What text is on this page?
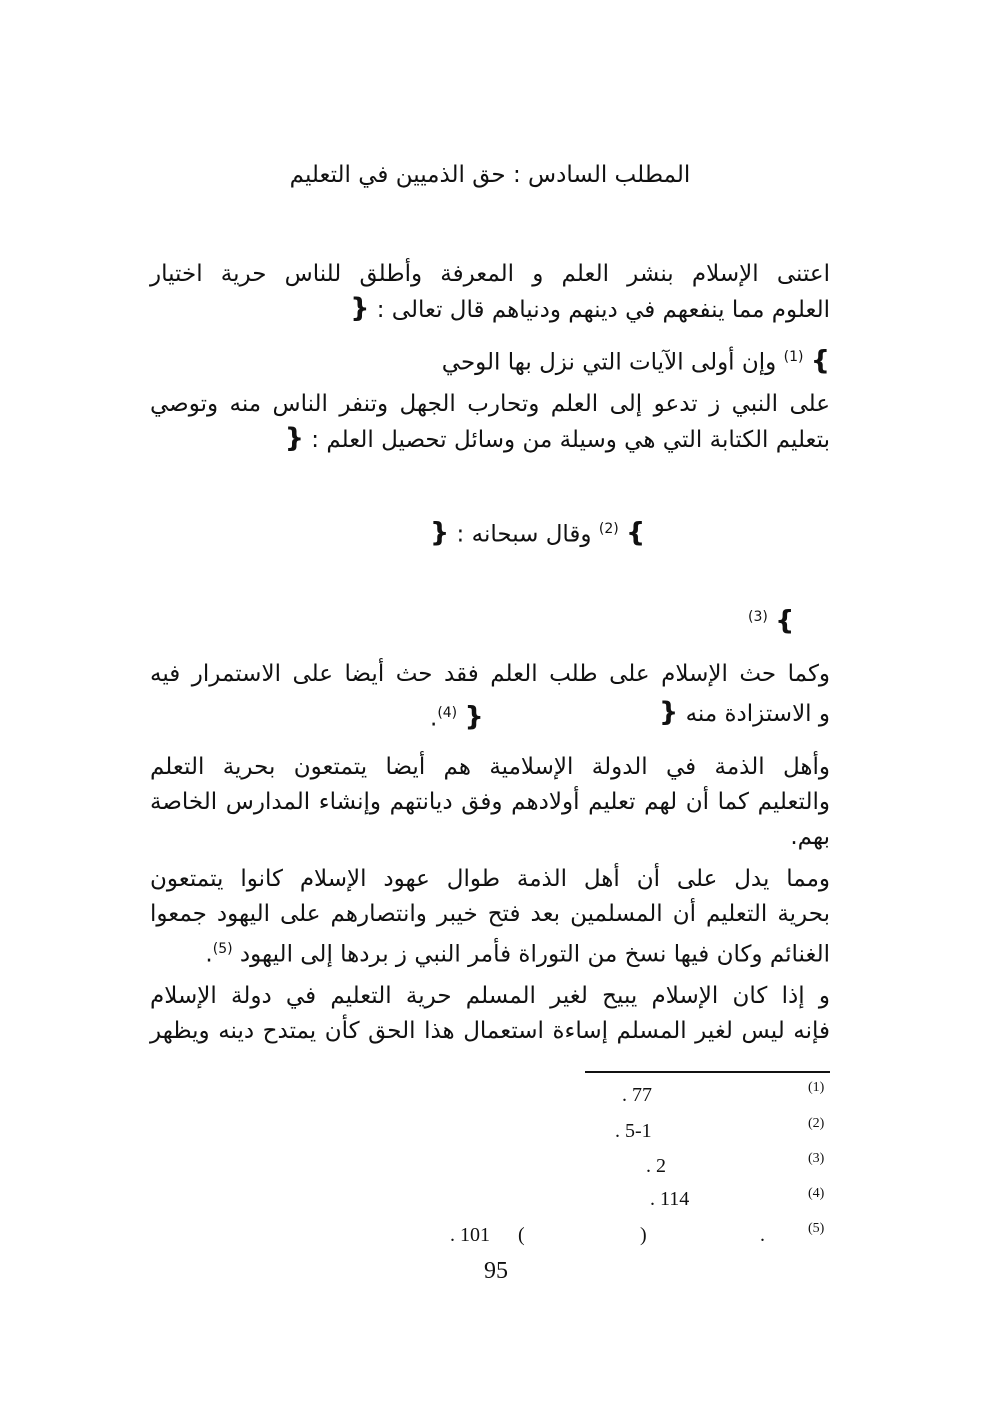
المطلب السادس : حق الذميين في التعليم
اعتنى الإسلام بنشر العلم و المعرفة وأطلق للناس حرية اختيار
العلوم مما ينفعهم في دينهم ودنياهم قال تعالى : {
} $^{(1)}$ وإن أولى الآيات التي نزل بها الوحي
على النبي ز تدعو إلى العلم وتحارب الجهل وتنفر الناس منه وتوصي
بتعليم الكتابة التي هي وسيلة من وسائل تحصيل العلم : {
} $^{(2)}$ وقال سبحانه : {
$^{(3)}$ {
وكما حث الإسلام على طلب العلم فقد حث أيضا على الاستمرار فيه
و الاستزادة منه {
.$^{(4)}$ }
وأهل الذمة في الدولة الإسلامية هم أيضا يتمتعون بحرية التعلم
والتعليم كما أن لهم تعليم أولادهم وفق ديانتهم وإنشاء المدارس الخاصة
بهم.
ومما يدل على أن أهل الذمة طوال عهود الإسلام كانوا يتمتعون
بحرية التعليم أن المسلمين بعد فتح خيبر وانتصارهم على اليهود جمعوا
الغنائم وكان فيها نسخ من التوراة فأمر النبي ز بردها إلى اليهود $^{(5)}$.
و إذا كان الإسلام يبيح لغير المسلم حرية التعليم في دولة الإسلام
فإنه ليس لغير المسلم إساءة استعمال هذا الحق كأن يمتدح دينه ويظهر
(1)
. 77
(2)
. 5-1
(3)
. 2
(4)
. 114
(5)
. 101 (	)	.
95
